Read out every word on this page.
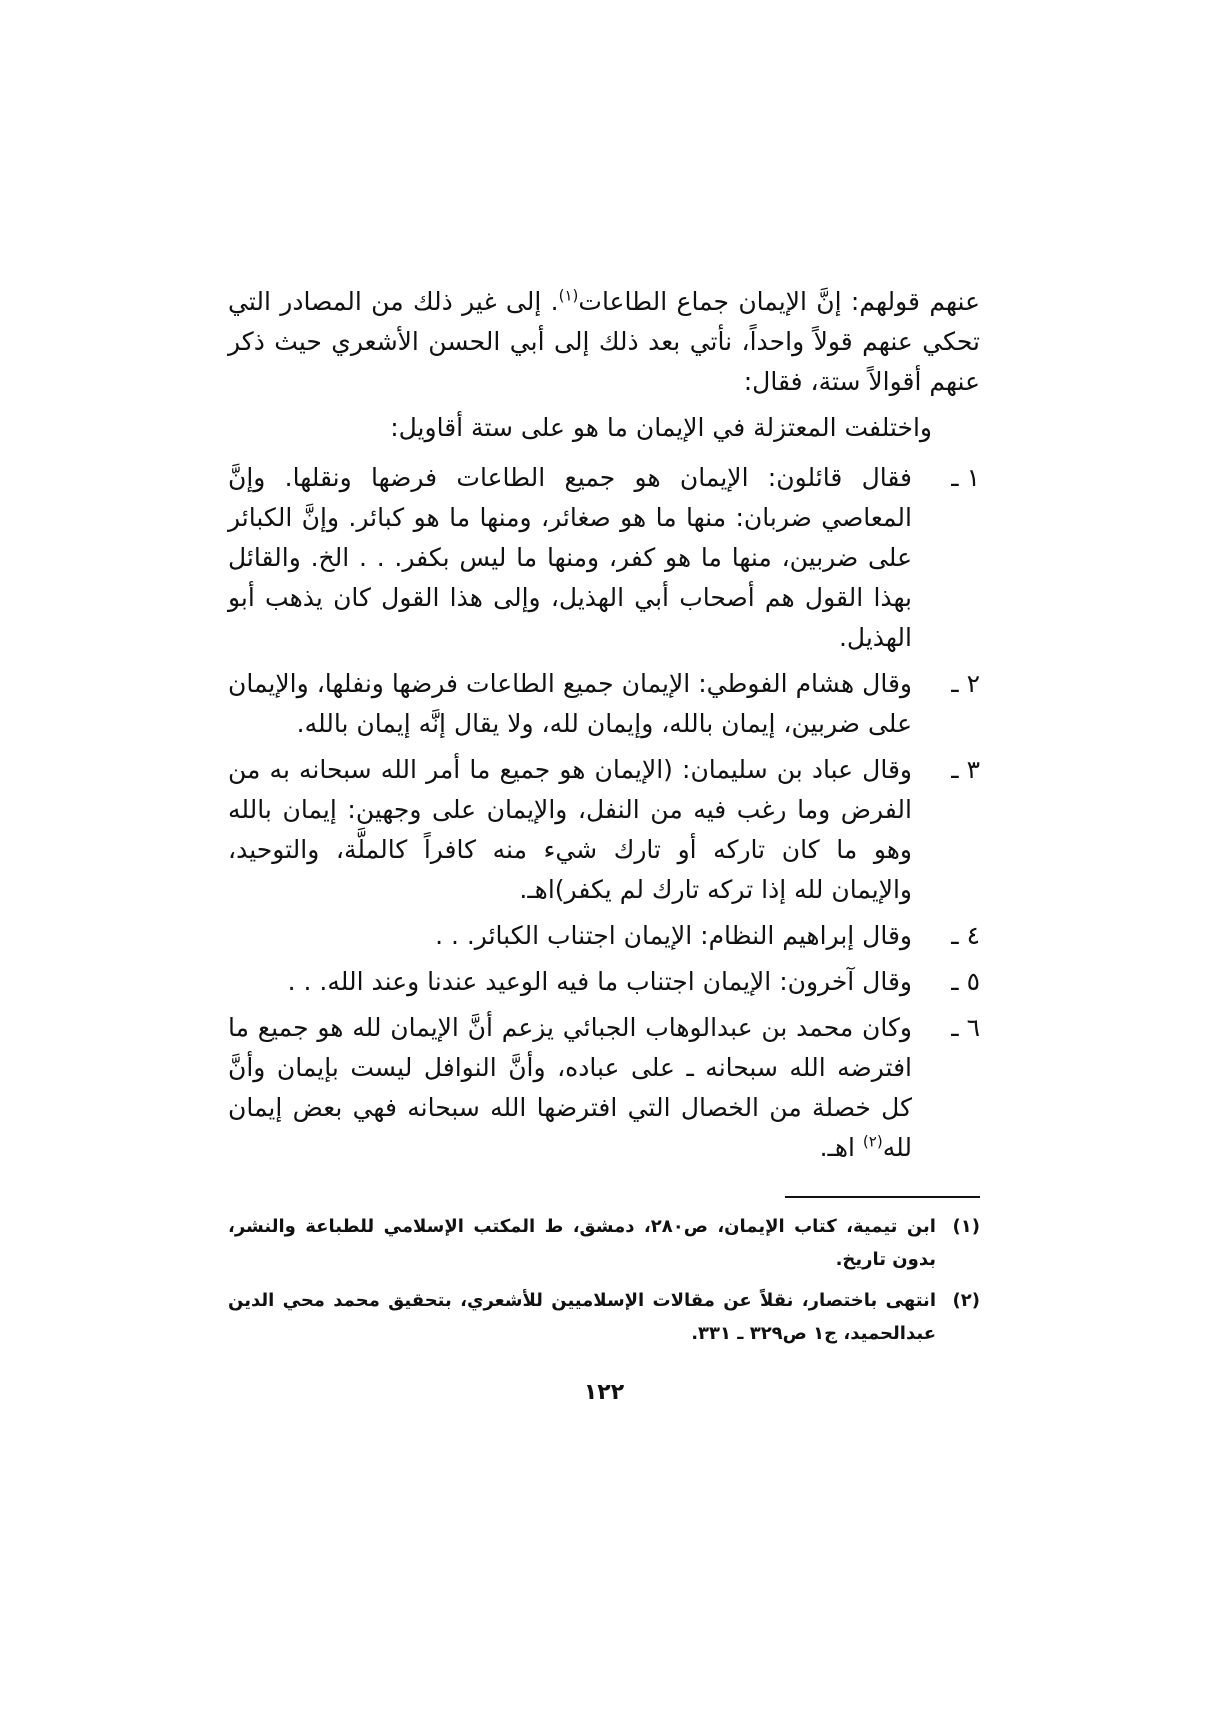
عنهم قولهم: إنَّ الإيمان جماع الطاعات$^{(١)}$. إلى غير ذلك من المصادر التي تحكي عنهم قولاً واحداً، نأتي بعد ذلك إلى أبي الحسن الأشعري حيث ذكر عنهم أقوالاً ستة، فقال:

واختلفت المعتزلة في الإيمان ما هو على ستة أقاويل:

١ ـ
فقال قائلون: الإيمان هو جميع الطاعات فرضها ونقلها. وإنَّ المعاصي ضربان: منها ما هو صغائر، ومنها ما هو كبائر. وإنَّ الكبائر على ضربين، منها ما هو كفر، ومنها ما ليس بكفر. . . الخ. والقائل بهذا القول هم أصحاب أبي الهذيل، وإلى هذا القول كان يذهب أبو الهذيل.
٢ ـ
وقال هشام الفوطي: الإيمان جميع الطاعات فرضها ونفلها، والإيمان على ضربين، إيمان بالله، وإيمان لله، ولا يقال إنَّه إيمان بالله.
٣ ـ
وقال عباد بن سليمان: (الإيمان هو جميع ما أمر الله سبحانه به من الفرض وما رغب فيه من النفل، والإيمان على وجهين: إيمان بالله وهو ما كان تاركه أو تارك شيء منه كافراً كالملَّة، والتوحيد، والإيمان لله إذا تركه تارك لم يكفر)اهـ.
٤ ـ
وقال إبراهيم النظام: الإيمان اجتناب الكبائر. . .
٥ ـ
وقال آخرون: الإيمان اجتناب ما فيه الوعيد عندنا وعند الله. . .
٦ ـ
وكان محمد بن عبدالوهاب الجبائي يزعم أنَّ الإيمان لله هو جميع ما افترضه الله سبحانه ـ على عباده، وأنَّ النوافل ليست بإيمان وأنَّ كل خصلة من الخصال التي افترضها الله سبحانه فهي بعض إيمان لله$^{(٢)}$ اهـ.
(١)
ابن تيمية، كتاب الإيمان، ص٢٨٠، دمشق، ط المكتب الإسلامي للطباعة والنشر، بدون تاريخ.
(٢)
انتهى باختصار، نقلاً عن مقالات الإسلاميين للأشعري، بتحقيق محمد محي الدين عبدالحميد، ج١ ص٣٢٩ ـ ٣٣١.
١٢٢
